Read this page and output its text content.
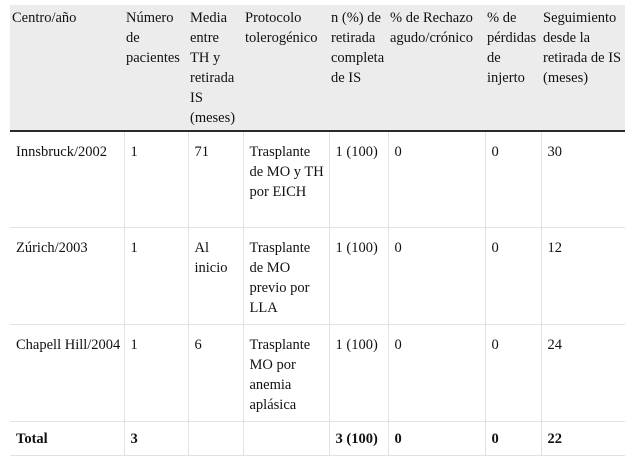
Centro/año	Número de pacientes	Media entre TH y retirada IS (meses)	Protocolo tolerogénico	n (%) de retirada completa de IS	% de Rechazo agudo/crónico	% de pérdidas de injerto	Seguimiento desde la retirada de IS (meses)
Innsbruck/2002	1	71	Trasplante de MO y TH por EICH	1 (100)	0	0	30
Zúrich/2003	1	Al inicio	Trasplante de MO previo por LLA	1 (100)	0	0	12
Chapell Hill/2004	1	6	Trasplante MO por anemia aplásica	1 (100)	0	0	24
Total	3			3 (100)	0	0	22
